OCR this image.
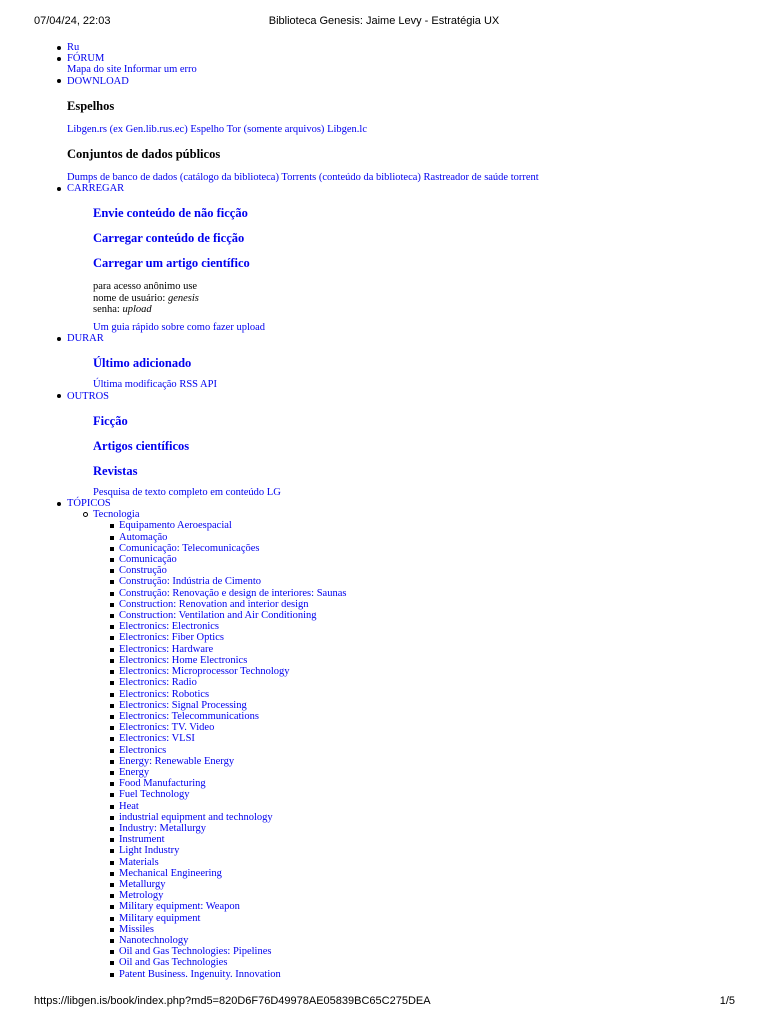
07/04/24, 22:03	Biblioteca Genesis: Jaime Levy - Estratégia UX
Ru
FÓRUM
Mapa do site Informar um erro
DOWNLOAD
Espelhos
Libgen.rs (ex Gen.lib.rus.ec) Espelho Tor (somente arquivos) Libgen.lc
Conjuntos de dados públicos
Dumps de banco de dados (catálogo da biblioteca) Torrents (conteúdo da biblioteca) Rastreador de saúde torrent
CARREGAR
Envie conteúdo de não ficção
Carregar conteúdo de ficção
Carregar um artigo científico
para acesso anônimo use
nome de usuário: genesis
senha: upload
Um guia rápido sobre como fazer upload
DURAR
Último adicionado
Última modificação RSS API
OUTROS
Ficção
Artigos científicos
Revistas
Pesquisa de texto completo em conteúdo LG
TÓPICOS
Tecnologia
Equipamento Aeroespacial
Automação
Comunicação: Telecomunicações
Comunicação
Construção
Construção: Indústria de Cimento
Construção: Renovação e design de interiores: Saunas
Construction: Renovation and interior design
Construction: Ventilation and Air Conditioning
Electronics: Electronics
Electronics: Fiber Optics
Electronics: Hardware
Electronics: Home Electronics
Electronics: Microprocessor Technology
Electronics: Radio
Electronics: Robotics
Electronics: Signal Processing
Electronics: Telecommunications
Electronics: TV. Video
Electronics: VLSI
Electronics
Energy: Renewable Energy
Energy
Food Manufacturing
Fuel Technology
Heat
industrial equipment and technology
Industry: Metallurgy
Instrument
Light Industry
Materials
Mechanical Engineering
Metallurgy
Metrology
Military equipment: Weapon
Military equipment
Missiles
Nanotechnology
Oil and Gas Technologies: Pipelines
Oil and Gas Technologies
Patent Business. Ingenuity. Innovation
https://libgen.is/book/index.php?md5=820D6F76D49978AE05839BC65C275DEA	1/5
